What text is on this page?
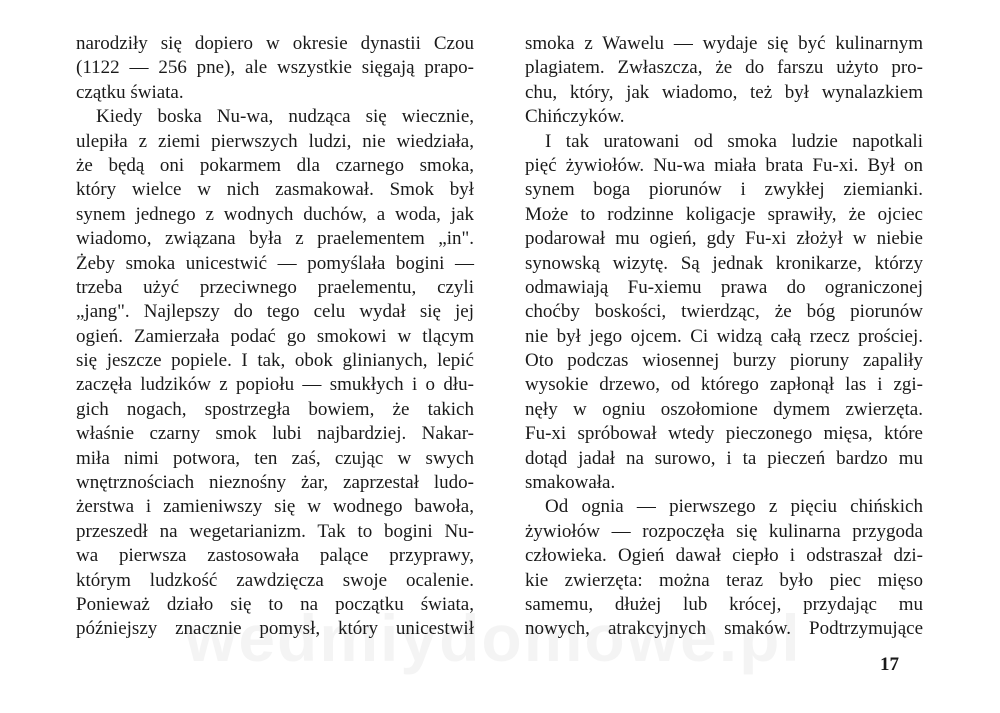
narodziły się dopiero w okresie dynastii Czou
(1122 — 256 pne), ale wszystkie sięgają prapo-
czątku świata.
Kiedy boska Nu-wa, nudząca się wiecznie,
ulepiła z ziemi pierwszych ludzi, nie wiedziała,
że będą oni pokarmem dla czarnego smoka,
który wielce w nich zasmakował. Smok był
synem jednego z wodnych duchów, a woda, jak
wiadomo, związana była z praelementem „in".
Żeby smoka unicestwić — pomyślała bogini —
trzeba użyć przeciwnego praelementu, czyli
„jang". Najlepszy do tego celu wydał się jej
ogień. Zamierzała podać go smokowi w tlącym
się jeszcze popiele. I tak, obok glinianych, lepić
zaczęła ludzików z popiołu — smukłych i o dłu-
gich nogach, spostrzegła bowiem, że takich
właśnie czarny smok lubi najbardziej. Nakar-
miła nimi potwora, ten zaś, czując w swych
wnętrznościach nieznośny żar, zaprzestał ludo-
żerstwa i zamieniwszy się w wodnego bawoła,
przeszedł na wegetarianizm. Tak to bogini Nu-
wa pierwsza zastosowała palące przyprawy,
którym ludzkość zawdzięcza swoje ocalenie.
Ponieważ działo się to na początku świata,
późniejszy znacznie pomysł, który unicestwił
smoka z Wawelu — wydaje się być kulinarnym
plagiatem. Zwłaszcza, że do farszu użyto pro-
chu, który, jak wiadomo, też był wynalazkiem
Chińczyków.
I tak uratowani od smoka ludzie napotkali
pięć żywiołów. Nu-wa miała brata Fu-xi. Był on
synem boga piorunów i zwykłej ziemianki.
Może to rodzinne koligacje sprawiły, że ojciec
podarował mu ogień, gdy Fu-xi złożył w niebie
synowską wizytę. Są jednak kronikarze, którzy
odmawiają Fu-xiemu prawa do ograniczonej
choćby boskości, twierdząc, że bóg piorunów
nie był jego ojcem. Ci widzą całą rzecz prościej.
Oto podczas wiosennej burzy pioruny zapaliły
wysokie drzewo, od którego zapłonął las i zgi-
nęły w ogniu oszołomione dymem zwierzęta.
Fu-xi spróbował wtedy pieczonego mięsa, które
dotąd jadał na surowo, i ta pieczeń bardzo mu
smakowała.
Od ognia — pierwszego z pięciu chińskich
żywiołów — rozpoczęła się kulinarna przygoda
człowieka. Ogień dawał ciepło i odstraszał dzi-
kie zwierzęta: można teraz było piec mięso
samemu, dłużej lub krócej, przydając mu
nowych, atrakcyjnych smaków. Podtrzymujące
17
